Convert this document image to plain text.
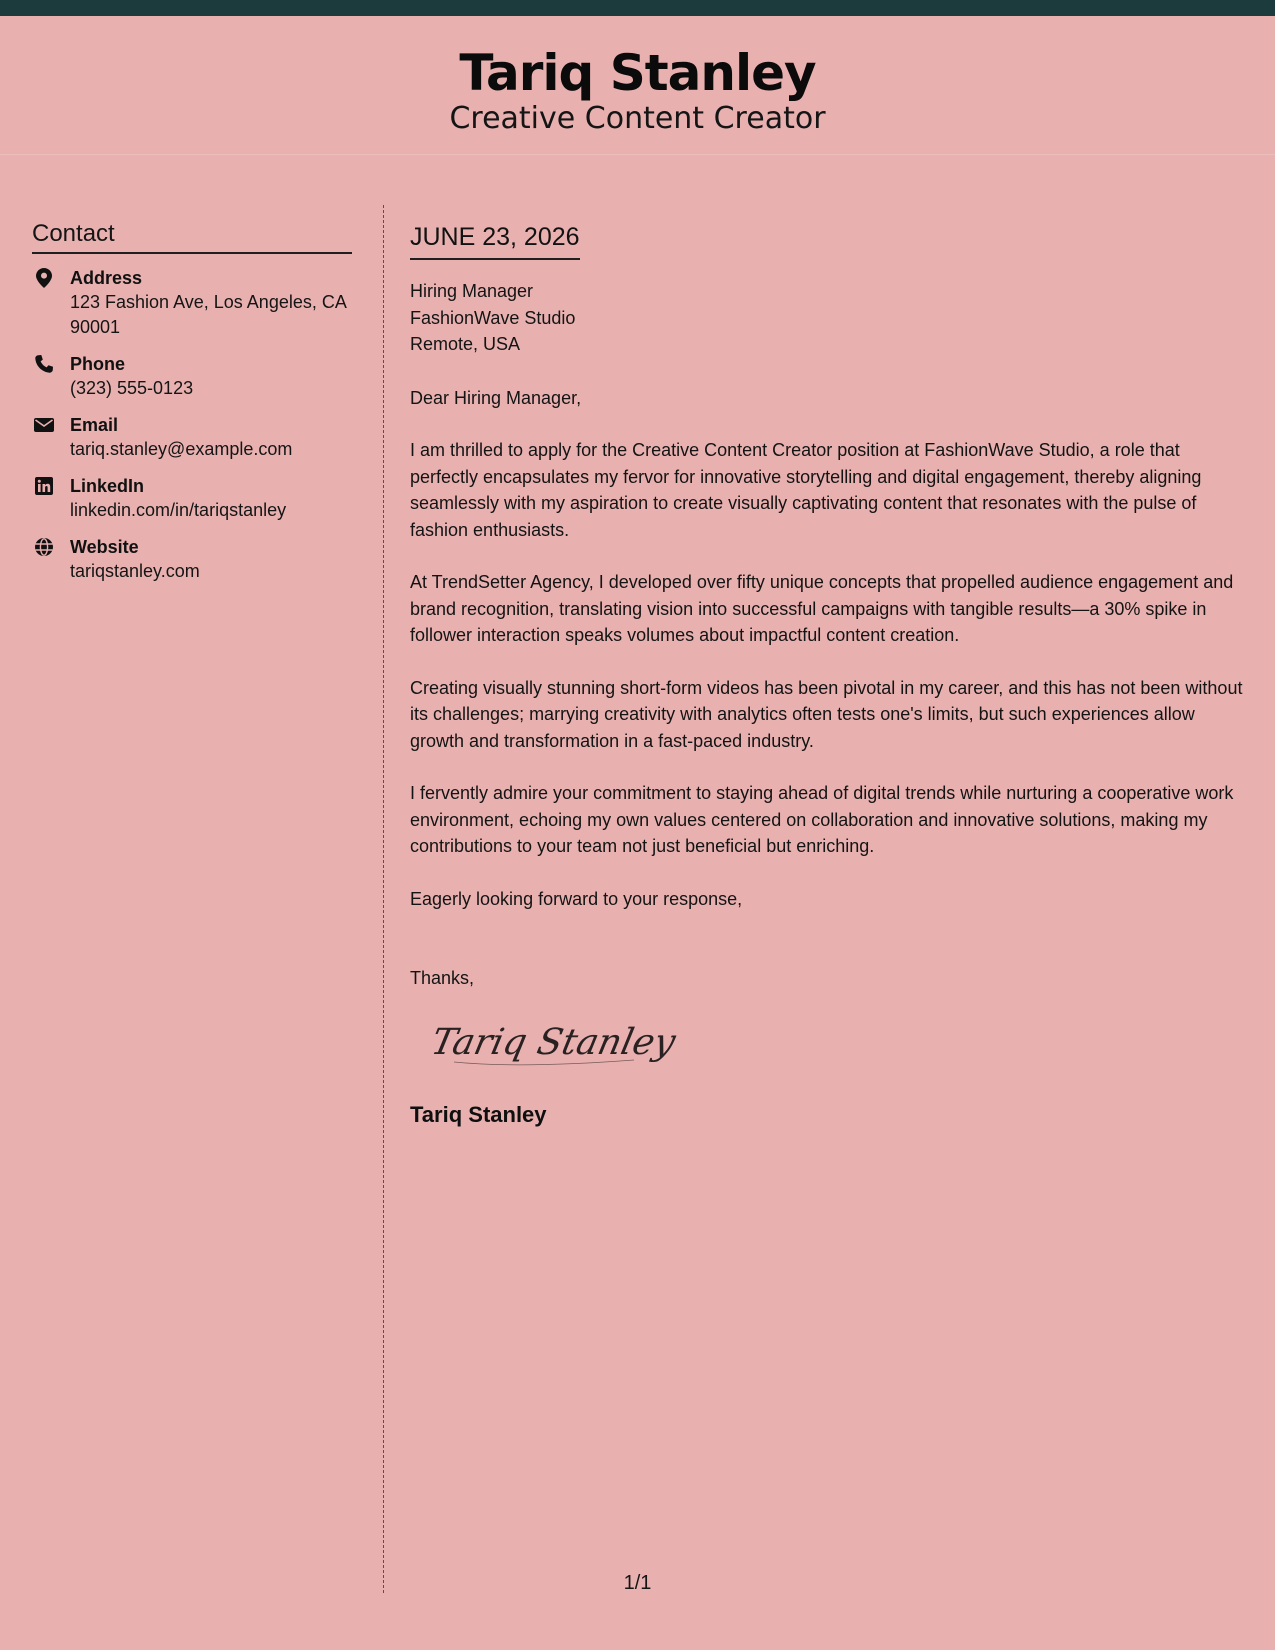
Tariq Stanley
Creative Content Creator
Contact
Address
123 Fashion Ave, Los Angeles, CA 90001
Phone
(323) 555-0123
Email
tariq.stanley@example.com
LinkedIn
linkedin.com/in/tariqstanley
Website
tariqstanley.com
JUNE 23, 2026
Hiring Manager
FashionWave Studio
Remote, USA
Dear Hiring Manager,
I am thrilled to apply for the Creative Content Creator position at FashionWave Studio, a role that perfectly encapsulates my fervor for innovative storytelling and digital engagement, thereby aligning seamlessly with my aspiration to create visually captivating content that resonates with the pulse of fashion enthusiasts.
At TrendSetter Agency, I developed over fifty unique concepts that propelled audience engagement and brand recognition, translating vision into successful campaigns with tangible results—a 30% spike in follower interaction speaks volumes about impactful content creation.
Creating visually stunning short-form videos has been pivotal in my career, and this has not been without its challenges; marrying creativity with analytics often tests one's limits, but such experiences allow growth and transformation in a fast-paced industry.
I fervently admire your commitment to staying ahead of digital trends while nurturing a cooperative work environment, echoing my own values centered on collaboration and innovative solutions, making my contributions to your team not just beneficial but enriching.
Eagerly looking forward to your response,
Thanks,
Tariq Stanley
Tariq Stanley
1/1
